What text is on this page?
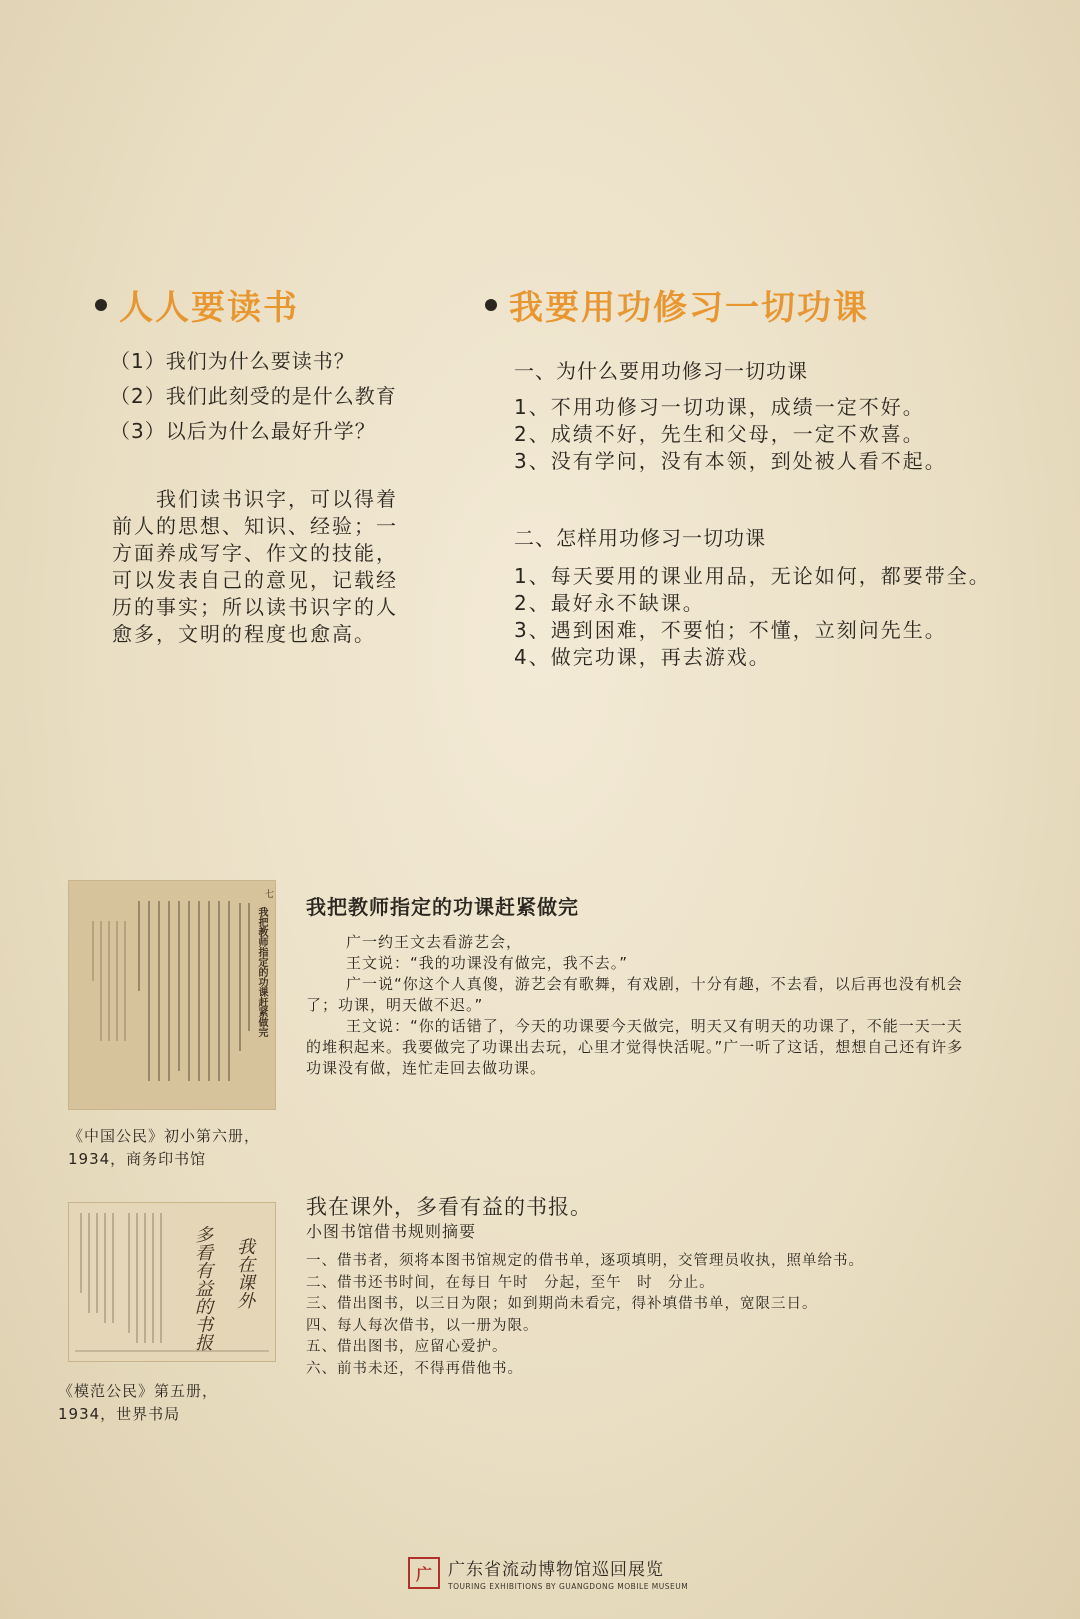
人人要读书
（1）我们为什么要读书？
（2）我们此刻受的是什么教育
（3）以后为什么最好升学？
　　我们读书识字，可以得着
前人的思想、知识、经验；一
方面养成写字、作文的技能，
可以发表自己的意见，记载经
历的事实；所以读书识字的人
愈多，文明的程度也愈高。
我要用功修习一切功课
一、为什么要用功修习一切功课
1、不用功修习一切功课，成绩一定不好。
2、成绩不好，先生和父母，一定不欢喜。
3、没有学问，没有本领，到处被人看不起。
二、怎样用功修习一切功课
1、每天要用的课业用品，无论如何，都要带全。
2、最好永不缺课。
3、遇到困难，不要怕；不懂，立刻问先生。
4、做完功课，再去游戏。
七
我把教师指定的功课赶紧做完
《中国公民》初小第六册，
1934，商务印书馆
我把教师指定的功课赶紧做完

广一约王文去看游艺会，

王文说：“我的功课没有做完，我不去。”

广一说“你这个人真傻，游艺会有歌舞，有戏剧，十分有趣，不去看，以后再也没有机会了；功课，明天做不迟。”

王文说：“你的话错了，今天的功课要今天做完，明天又有明天的功课了，不能一天一天的堆积起来。我要做完了功课出去玩，心里才觉得快活呢。”广一听了这话，想想自己还有许多功课没有做，连忙走回去做功课。

我在课外
多看有益的书报
《模范公民》第五册，
1934，世界书局
我在课外，多看有益的书报。
小图书馆借书规则摘要
一、借书者，须将本图书馆规定的借书单，逐项填明，交管理员收执，照单给书。
二、借书还书时间，在每日 午时　分起，至午　时　分止。
三、借出图书，以三日为限；如到期尚未看完，得补填借书单，宽限三日。
四、每人每次借书，以一册为限。
五、借出图书，应留心爱护。
六、前书未还，不得再借他书。
广 广东省流动博物馆巡回展览
TOURING EXHIBITIONS BY GUANGDONG MOBILE MUSEUM
